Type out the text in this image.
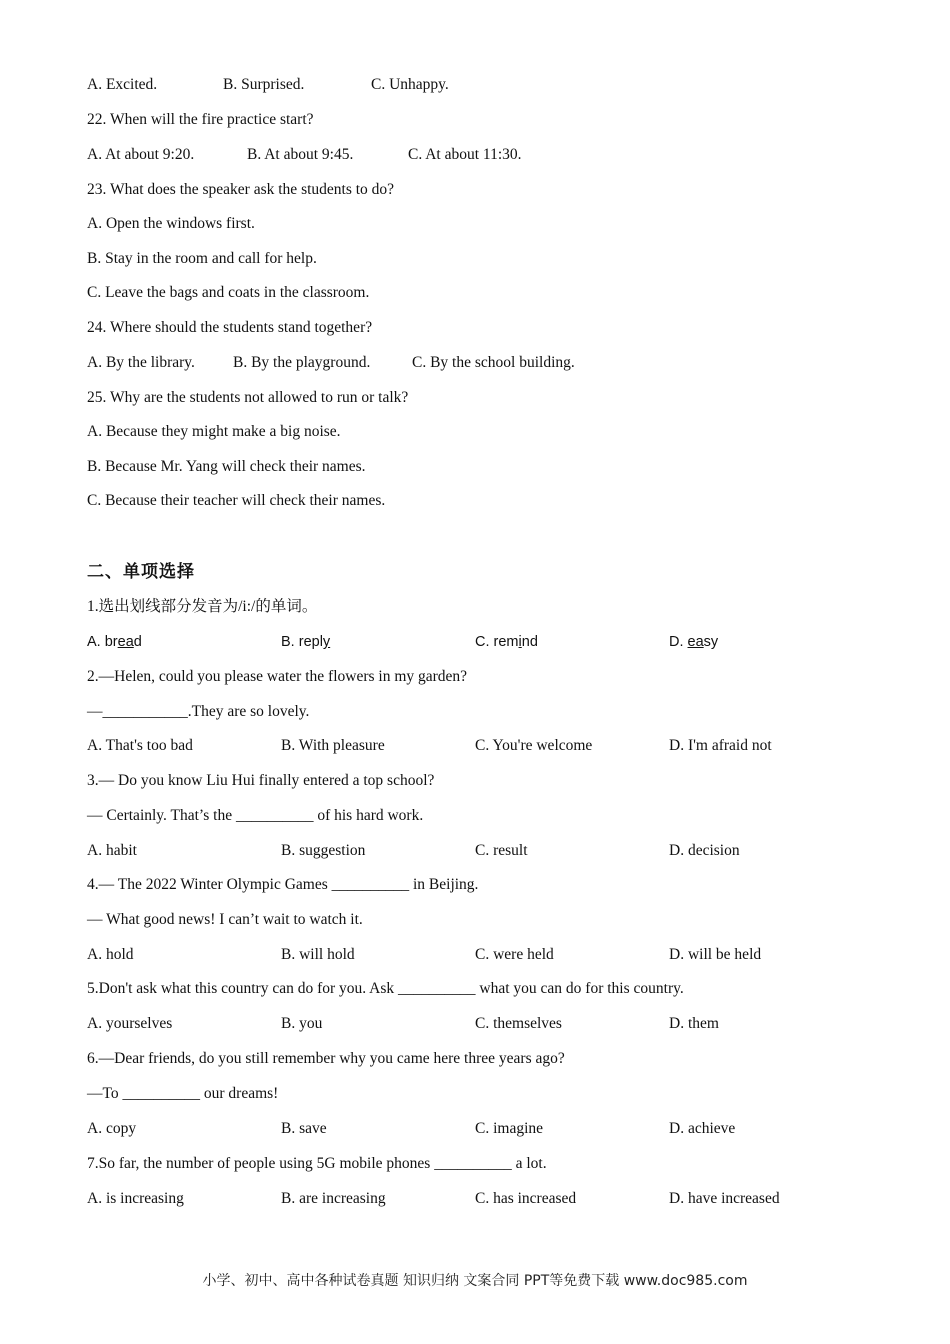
A. Excited.	B. Surprised.	C. Unhappy.
22. When will the fire practice start?
A. At about 9:20.	B. At about 9:45.	C. At about 11:30.
23. What does the speaker ask the students to do?
A. Open the windows first.
B. Stay in the room and call for help.
C. Leave the bags and coats in the classroom.
24. Where should the students stand together?
A. By the library. B. By the playground.	C. By the school building.
25. Why are the students not allowed to run or talk?
A. Because they might make a big noise.
B. Because Mr. Yang will check their names.
C. Because their teacher will check their names.
二、单项选择
1.选出划线部分发音为/i:/的单词。
A. bread	B. reply	C. remind	D. easy
2.—Helen, could you please water the flowers in my garden?
—___________.They are so lovely.
A. That's too bad	B. With pleasure	C. You're welcome	D. I'm afraid not
3.— Do you know Liu Hui finally entered a top school?
— Certainly. That’s the __________ of his hard work.
A. habit	B. suggestion	C. result	D. decision
4.— The 2022 Winter Olympic Games __________ in Beijing.
— What good news! I can’t wait to watch it.
A. hold	B. will hold	C. were held	D. will be held
5.Don't ask what this country can do for you. Ask __________ what you can do for this country.
A. yourselves	B. you	C. themselves	D. them
6.—Dear friends, do you still remember why you came here three years ago?
—To __________ our dreams!
A. copy	B. save	C. imagine	D. achieve
7.So far, the number of people using 5G mobile phones __________ a lot.
A. is increasing	B. are increasing	C. has increased	D. have increased
小学、初中、高中各种试卷真题 知识归纳 文案合同 PPT等免费下载 www.doc985.com
